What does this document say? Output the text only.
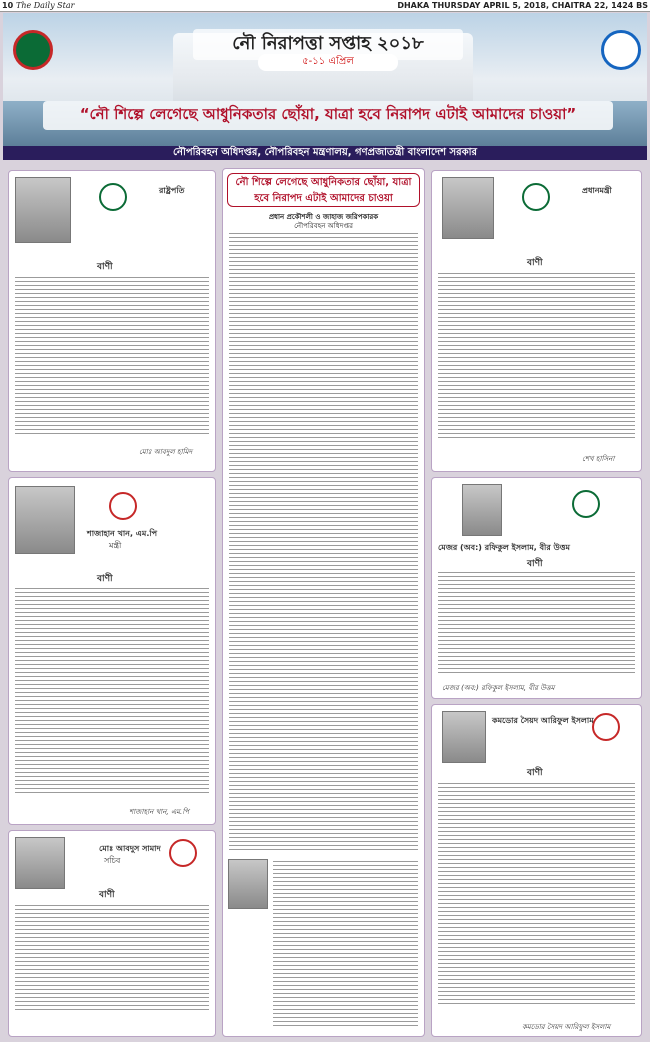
10 The Daily Star	DHAKA THURSDAY APRIL 5, 2018, CHAITRA 22, 1424 BS
নৌ নিরাপত্তা সপ্তাহ ২০১৮
৫-১১ এপ্রিল
“নৌ শিল্পে লেগেছে আধুনিকতার ছোঁয়া, যাত্রা হবে নিরাপদ এটাই আমাদের চাওয়া”
নৌপরিবহন অধিদপ্তর, নৌপরিবহন মন্ত্রণালয়, গণপ্রজাতন্ত্রী বাংলাদেশ সরকার
রাষ্ট্রপতি
বাণী
মোঃ আবদুল হামিদ
শাজাহান খান, এম.পি
মন্ত্রী
বাণী
শাজাহান খান, এম.পি
মোঃ আবদুস সামাদ
সচিব
বাণী
নৌ শিল্পে লেগেছে আধুনিকতার ছোঁয়া, যাত্রা হবে নিরাপদ এটাই আমাদের চাওয়া
প্রধান প্রকৌশলী ও জাহাজ জরিপকারক
নৌপরিবহন অধিদপ্তর
প্রধানমন্ত্রী
বাণী
শেখ হাসিনা
মেজর (অব:) রফিকুল ইসলাম, বীর উত্তম
বাণী
মেজর (অব:) রফিকুল ইসলাম, বীর উত্তম
কমডোর সৈয়দ আরিফুল ইসলাম
বাণী
কমডোর সৈয়দ আরিফুল ইসলাম
